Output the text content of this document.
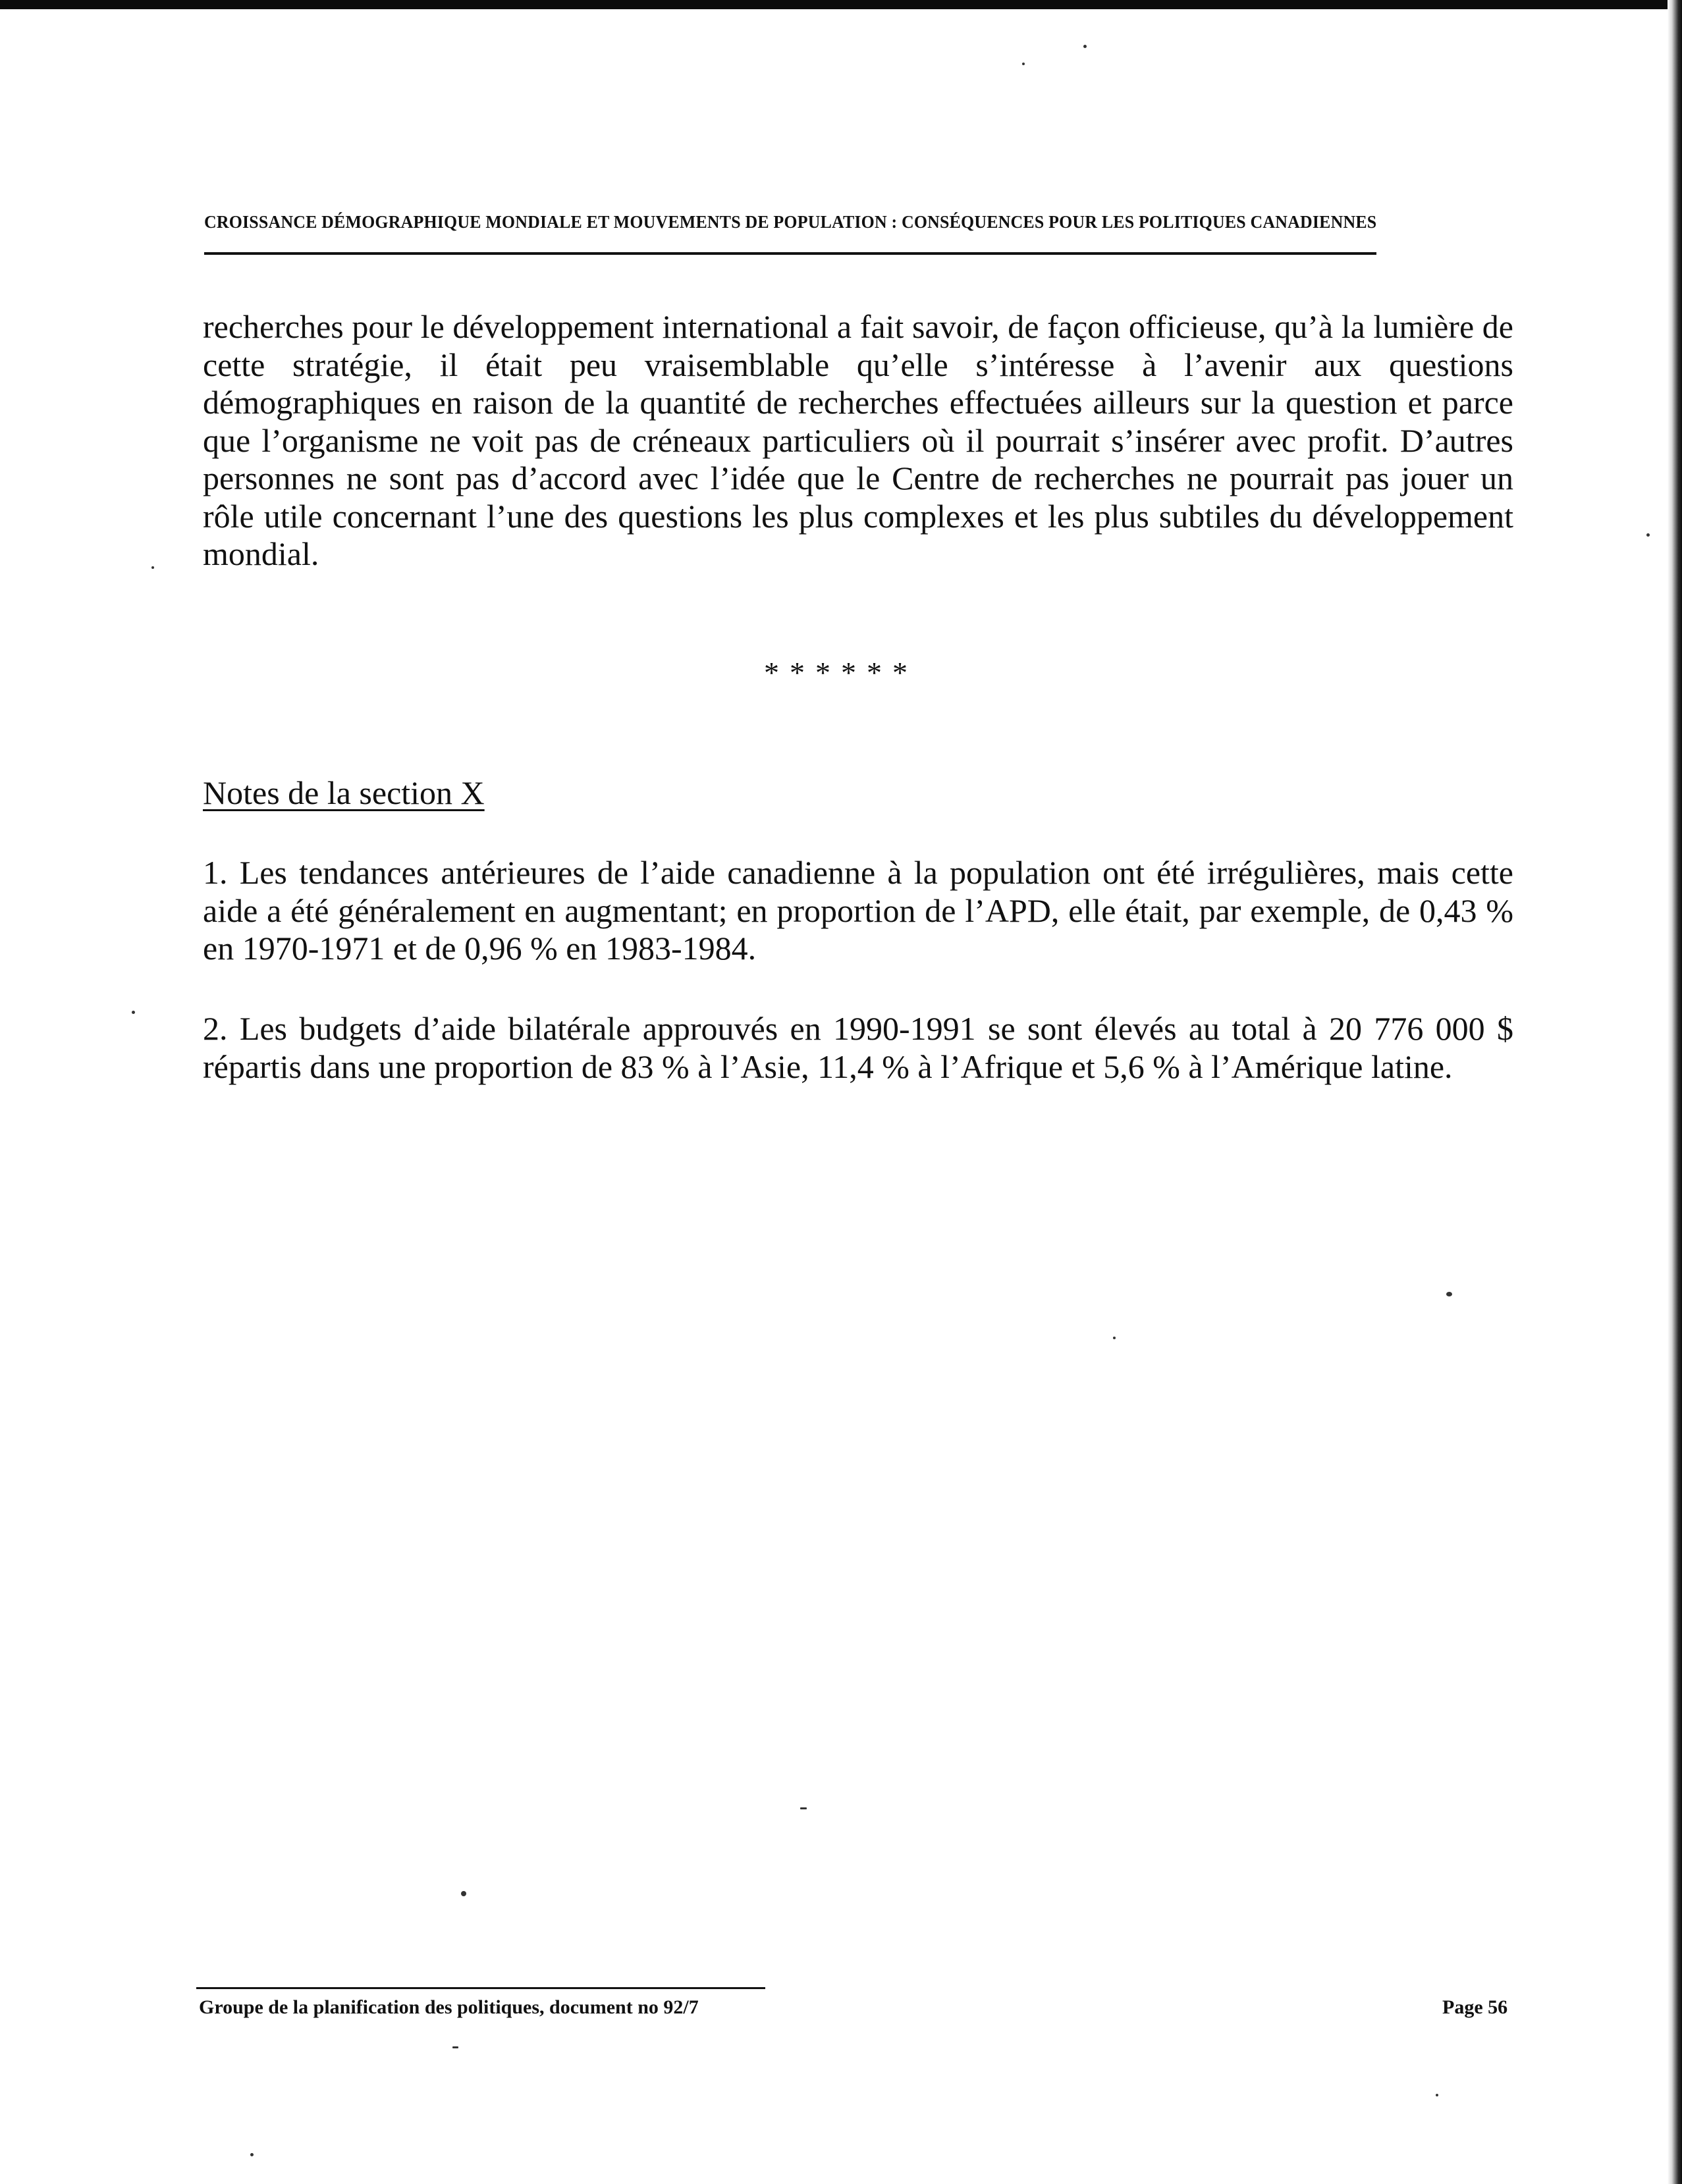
CROISSANCE DÉMOGRAPHIQUE MONDIALE ET MOUVEMENTS DE POPULATION : CONSÉQUENCES POUR LES POLITIQUES CANADIENNES

recherches pour le développement international a fait savoir, de façon officieuse, qu’à la lumière de cette stratégie, il était peu vraisemblable qu’elle s’intéresse à l’avenir aux questions démographiques en raison de la quantité de recherches effectuées ailleurs sur la question et parce que l’organisme ne voit pas de créneaux particuliers où il pourrait s’insérer avec profit. D’autres personnes ne sont pas d’accord avec l’idée que le Centre de recherches ne pourrait pas jouer un rôle utile concernant l’une des questions les plus complexes et les plus subtiles du développement mondial.

******

Notes de la section X

1. Les tendances antérieures de l’aide canadienne à la population ont été irrégulières, mais cette aide a été généralement en augmentant; en proportion de l’APD, elle était, par exemple, de 0,43 % en 1970-1971 et de 0,96 % en 1983-1984.

2. Les budgets d’aide bilatérale approuvés en 1990-1991 se sont élevés au total à 20 776 000 $ répartis dans une proportion de 83 % à l’Asie, 11,4 % à l’Afrique et 5,6 % à l’Amérique latine.

Groupe de la planification des politiques, document no 92/7	Page 56
